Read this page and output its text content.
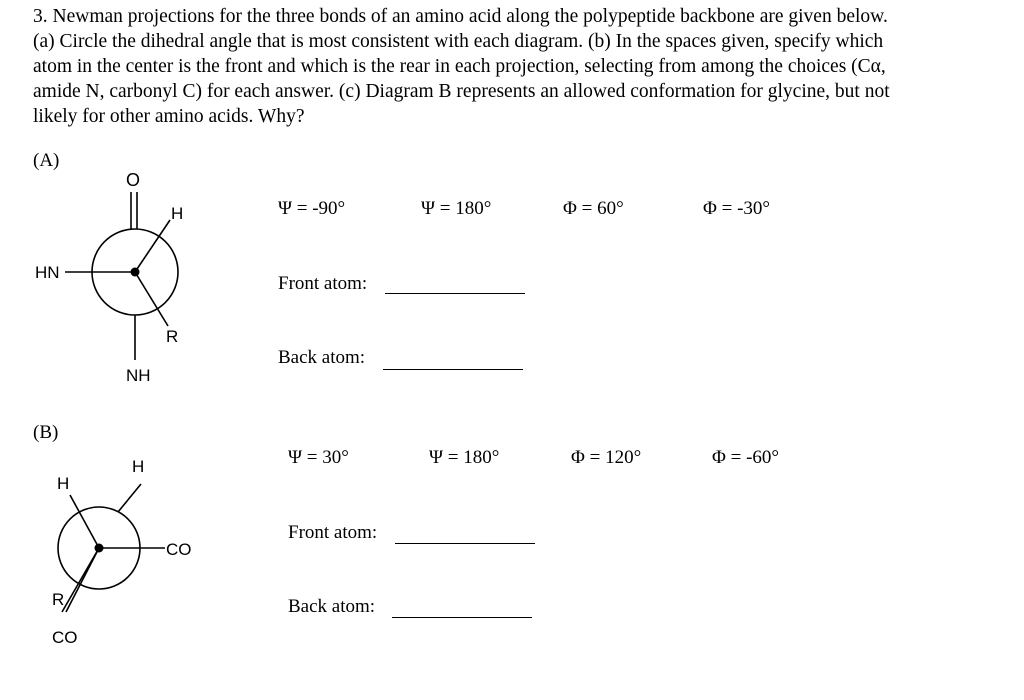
3. Newman projections for the three bonds of an amino acid along the polypeptide backbone are given below.

(a) Circle the dihedral angle that is most consistent with each diagram. (b) In the spaces given, specify which

atom in the center is the front and which is the rear in each projection, selecting from among the choices (Cα,

amide N, carbonyl C) for each answer. (c) Diagram B represents an allowed conformation for glycine, but not

likely for other amino acids. Why?

(A)
O
H
HN
R
NH
Ψ = -90°	Ψ = 180°	Φ = 60°	Φ = -30°
Front atom:
Back atom:
(B)
H
H
CO
R
CO
Ψ = 30°	Ψ = 180°	Φ = 120°	Φ = -60°
Front atom:
Back atom:
